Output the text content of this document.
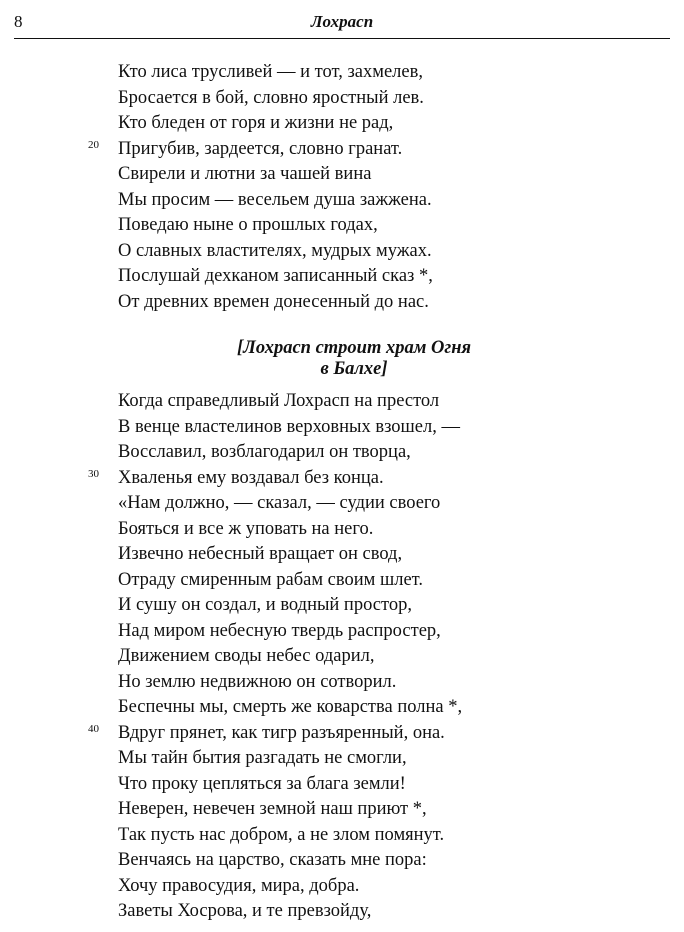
8	Лохрасп
Кто лиса трусливей — и тот, захмелев,
Бросается в бой, словно яростный лев.
Кто бледен от горя и жизни не рад,
20 Пригубив, зардеется, словно гранат.
Свирели и лютни за чашей вина
Мы просим — весельем душа зажжена.
Поведаю ныне о прошлых годах,
О славных властителях, мудрых мужах.
Послушай дехканом записанный сказ *,
От древних времен донесенный до нас.
[Лохрасп строит храм Огня
в Балхе]
Когда справедливый Лохрасп на престол
В венце властелинов верховных взошел, —
Восславил, возблагодарил он творца,
30 Хваленья ему воздавал без конца.
«Нам должно, — сказал, — судии своего
Бояться и все ж уповать на него.
Извечно небесный вращает он свод,
Отраду смиренным рабам своим шлет.
И сушу он создал, и водный простор,
Над миром небесную твердь распростер,
Движением своды небес одарил,
Но землю недвижною он сотворил.
Беспечны мы, смерть же коварства полна *,
40 Вдруг прянет, как тигр разъяренный, она.
Мы тайн бытия разгадать не смогли,
Что проку цепляться за блага земли!
Неверен, невечен земной наш приют *,
Так пусть нас добром, а не злом помянут.
Венчаясь на царство, сказать мне пора:
Хочу правосудия, мира, добра.
Заветы Хосрова, и те превзойду,
